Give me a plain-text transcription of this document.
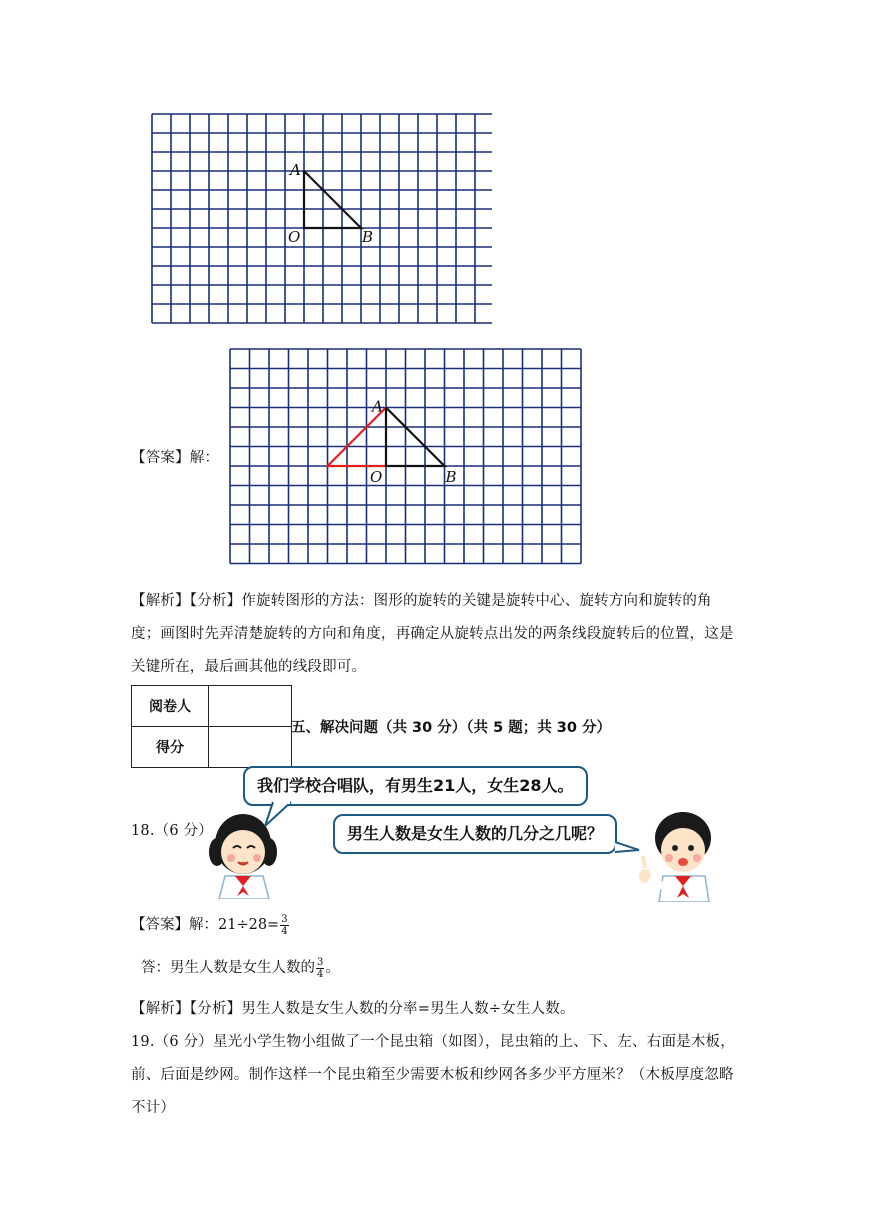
A
O	B
【答案】解：
A
O	B
【解析】【分析】作旋转图形的方法：图形的旋转的关键是旋转中心、旋转方向和旋转的角度；画图时先弄清楚旋转的方向和角度，再确定从旋转点出发的两条线段旋转后的位置，这是关键所在，最后画其他的线段即可。
阅卷人	
得分	
五、解决问题（共 30 分）（共 5 题；共 30 分）
我们学校合唱队，有男生21人，女生28人。
男生人数是女生人数的几分之几呢？
18.（6 分）
【答案】解：$21\div 28= \frac{3}{4}$
答：男生人数是女生人数的 $\frac{3}{4}$ 。
【解析】【分析】男生人数是女生人数的分率=男生人数÷女生人数。
19.（6 分）星光小学生物小组做了一个昆虫箱（如图），昆虫箱的上、下、左、右面是木板，前、后面是纱网。制作这样一个昆虫箱至少需要木板和纱网各多少平方厘米？（木板厚度忽略不计）
